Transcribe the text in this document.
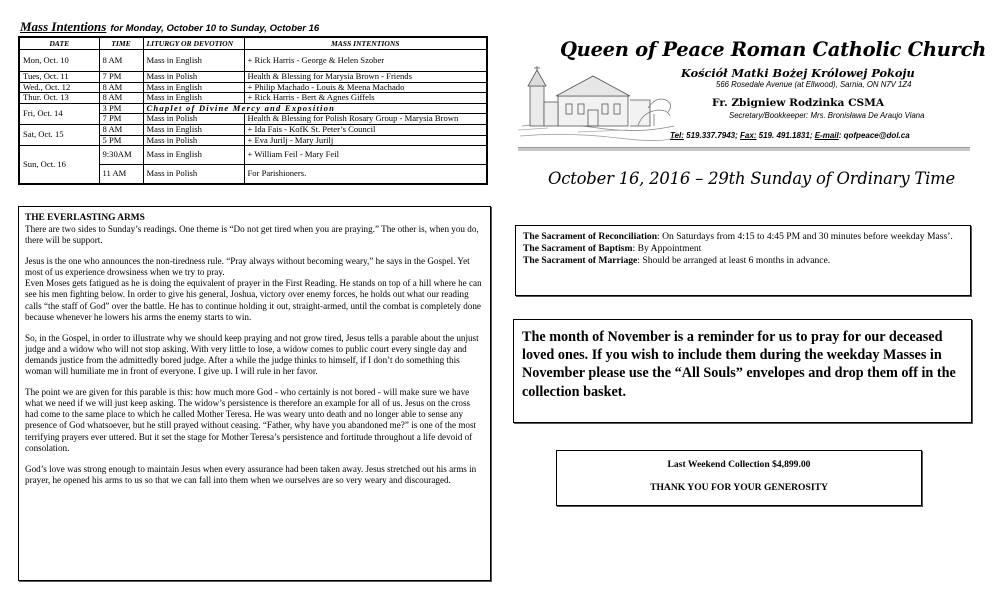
Mass Intentions for Monday, October 10 to Sunday, October 16
DATE	TIME	LITURGY OR DEVOTION	MASS INTENTIONS
Mon, Oct. 10	8 AM	Mass in English	+ Rick Harris - George & Helen Szober
Tues, Oct. 11	7 PM	Mass in Polish	Health & Blessing for Marysia Brown - Friends
Wed., Oct. 12	8 AM	Mass in English	+ Philip Machado - Louis & Meena Machado
Thur. Oct. 13	8 AM	Mass in English	+ Rick Harris - Bert & Agnes Giffels
Fri, Oct. 14	3 PM	Chaplet of Divine Mercy and Exposition	
	7 PM	Mass in Polish	Health & Blessing for Polish Rosary Group - Marysia Brown
Sat, Oct. 15	8 AM	Mass in English	+ Ida Fais - KofK St. Peter’s Council
	5 PM	Mass in Polish	+ Eva Jurilj - Mary Jurilj
Sun, Oct. 16	9:30AM	Mass in English	+ William Feil - Mary Feil
	11 AM	Mass in Polish	For Parishioners.
THE EVERLASTING ARMS

There are two sides to Sunday’s readings. One theme is “Do not get tired when you are praying.” The other is, when you do, there will be support.

Jesus is the one who announces the non-tiredness rule. “Pray always without becoming weary,” he says in the Gospel. Yet most of us experience drowsiness when we try to pray.

Even Moses gets fatigued as he is doing the equivalent of prayer in the First Reading. He stands on top of a hill where he can see his men fighting below. In order to give his general, Joshua, victory over enemy forces, he holds out what our reading calls “the staff of God” over the battle. He has to continue holding it out, straight-armed, until the combat is completely done because whenever he lowers his arms the enemy starts to win.

So, in the Gospel, in order to illustrate why we should keep praying and not grow tired, Jesus tells a parable about the unjust judge and a widow who will not stop asking. With very little to lose, a widow comes to public court every single day and demands justice from the admittedly bored judge. After a while the judge thinks to himself, if I don’t do something this woman will humiliate me in front of everyone. I give up. I will rule in her favor.

The point we are given for this parable is this: how much more God - who certainly is not bored - will make sure we have what we need if we will just keep asking. The widow’s persistence is therefore an example for all of us. Jesus on the cross had come to the same place to which he called Mother Teresa. He was weary unto death and no longer able to sense any presence of God whatsoever, but he still prayed without ceasing. “Father, why have you abandoned me?” is one of the most terrifying prayers ever uttered. But it set the stage for Mother Teresa’s persistence and fortitude throughout a life devoid of consolation.

God’s love was strong enough to maintain Jesus when every assurance had been taken away. Jesus stretched out his arms in prayer, he opened his arms to us so that we can fall into them when we ourselves are so very weary and discouraged.

Queen of Peace Roman Catholic Church
Kościół Matki Bożej Królowej Pokoju
566 Rosedale Avenue (at Ellwood), Sarnia, ON N7V 1Z4
Fr. Zbigniew Rodzinka CSMA
Secretary/Bookkeeper: Mrs. Bronisława De Araujo Viana
Tel: 519.337.7943; Fax: 519. 491.1831; E-mail: qofpeace@dol.ca
October 16, 2016 – 29th Sunday of Ordinary Time
The Sacrament of Reconciliation: On Saturdays from 4:15 to 4:45 PM and 30 minutes before weekday Mass’.
The Sacrament of Baptism: By Appointment
The Sacrament of Marriage: Should be arranged at least 6 months in advance.
The month of November is a reminder for us to pray for our deceased loved ones. If you wish to include them during the weekday Masses in November please use the “All Souls” envelopes and drop them off in the collection basket.
Last Weekend Collection $4,899.00
THANK YOU FOR YOUR GENEROSITY
